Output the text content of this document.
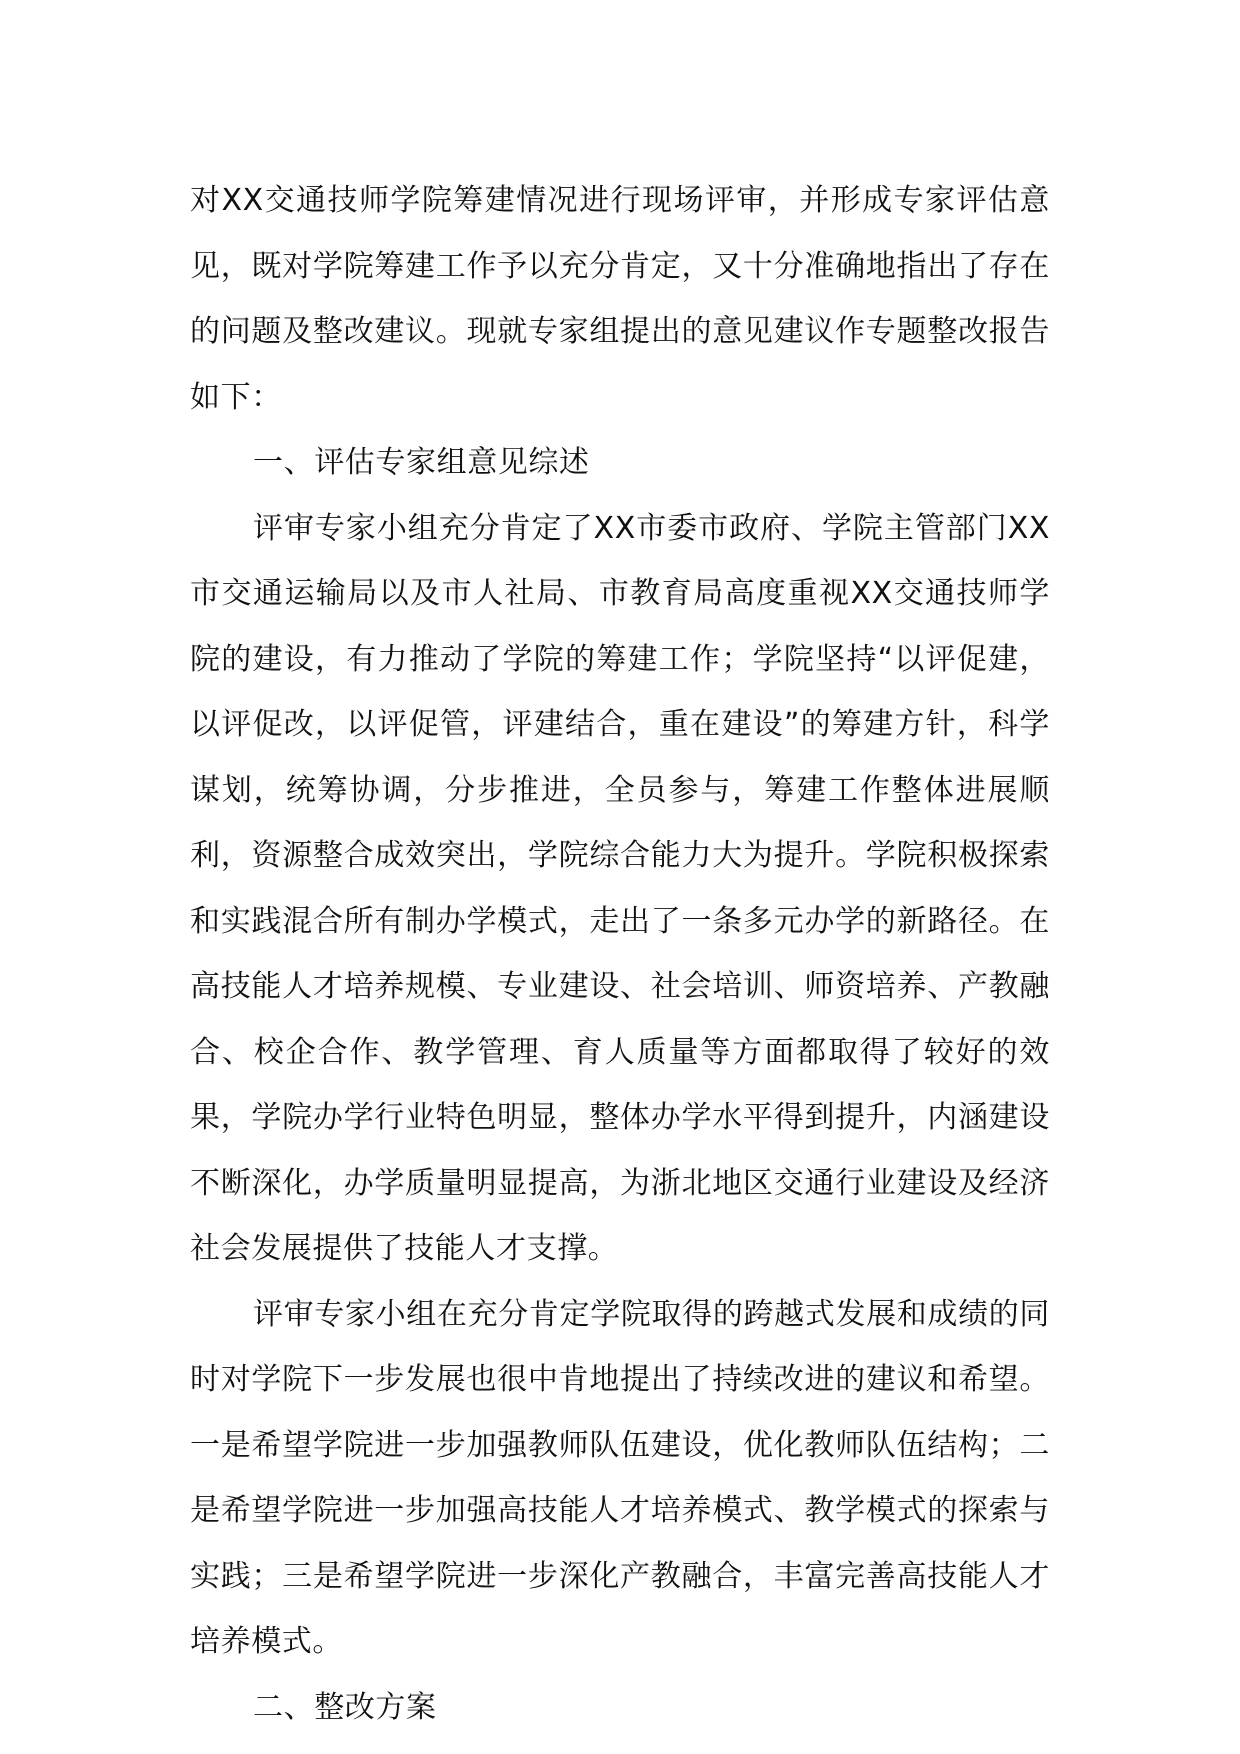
对XX交通技师学院筹建情况进行现场评审，并形成专家评估意见，既对学院筹建工作予以充分肯定，又十分准确地指出了存在的问题及整改建议。现就专家组提出的意见建议作专题整改报告如下：

一、评估专家组意见综述

评审专家小组充分肯定了XX市委市政府、学院主管部门XX市交通运输局以及市人社局、市教育局高度重视XX交通技师学院的建设，有力推动了学院的筹建工作；学院坚持“以评促建，以评促改，以评促管，评建结合，重在建设”的筹建方针，科学谋划，统筹协调，分步推进，全员参与，筹建工作整体进展顺利，资源整合成效突出，学院综合能力大为提升。学院积极探索和实践混合所有制办学模式，走出了一条多元办学的新路径。在高技能人才培养规模、专业建设、社会培训、师资培养、产教融合、校企合作、教学管理、育人质量等方面都取得了较好的效果，学院办学行业特色明显，整体办学水平得到提升，内涵建设不断深化，办学质量明显提高，为浙北地区交通行业建设及经济社会发展提供了技能人才支撑。

评审专家小组在充分肯定学院取得的跨越式发展和成绩的同时对学院下一步发展也很中肯地提出了持续改进的建议和希望。一是希望学院进一步加强教师队伍建设，优化教师队伍结构；二是希望学院进一步加强高技能人才培养模式、教学模式的探索与实践；三是希望学院进一步深化产教融合，丰富完善高技能人才培养模式。

二、整改方案
